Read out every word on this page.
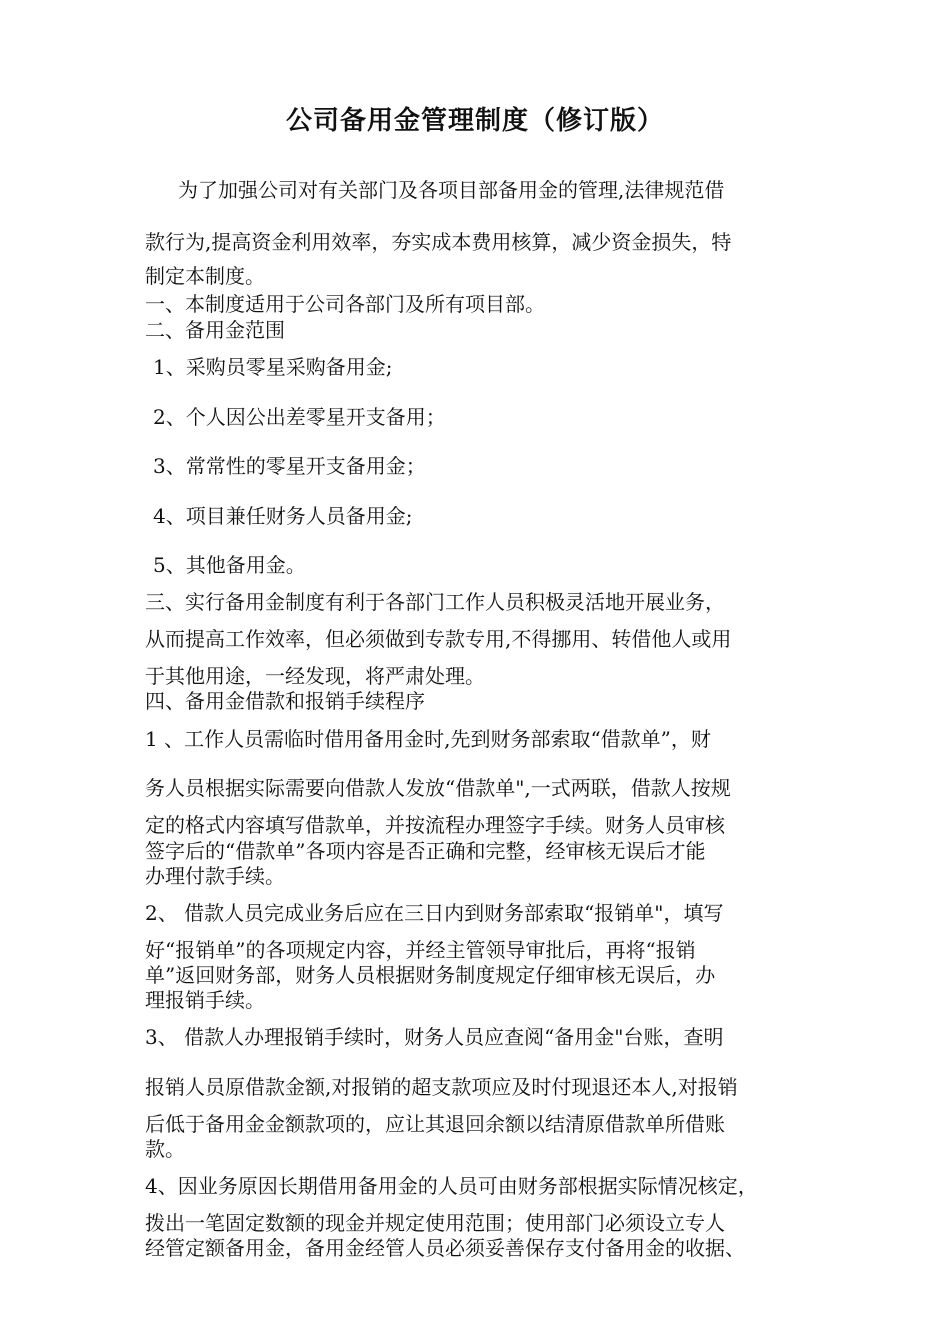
公司备用金管理制度（修订版）
为了加强公司对有关部门及各项目部备用金的管理,法律规范借
款行为,提高资金利用效率，夯实成本费用核算，减少资金损失，特
制定本制度。
一、本制度适用于公司各部门及所有项目部。
二、备用金范围
1、采购员零星采购备用金;
2、个人因公出差零星开支备用；
3、常常性的零星开支备用金；
4、项目兼任财务人员备用金;
5、其他备用金。
三、实行备用金制度有利于各部门工作人员积极灵活地开展业务，
从而提高工作效率，但必须做到专款专用,不得挪用、转借他人或用
于其他用途，一经发现，将严肃处理。
四、备用金借款和报销手续程序
1 、工作人员需临时借用备用金时,先到财务部索取“借款单”，财
务人员根据实际需要向借款人发放“借款单",一式两联，借款人按规
定的格式内容填写借款单，并按流程办理签字手续。财务人员审核
签字后的“借款单”各项内容是否正确和完整，经审核无误后才能
办理付款手续。
2、 借款人员完成业务后应在三日内到财务部索取“报销单"，填写
好“报销单”的各项规定内容，并经主管领导审批后，再将“报销
单”返回财务部，财务人员根据财务制度规定仔细审核无误后，办
理报销手续。
3、 借款人办理报销手续时，财务人员应查阅“备用金"台账，查明
报销人员原借款金额,对报销的超支款项应及时付现退还本人,对报销
后低于备用金金额款项的，应让其退回余额以结清原借款单所借账
款。
4、因业务原因长期借用备用金的人员可由财务部根据实际情况核定，
拨出一笔固定数额的现金并规定使用范围；使用部门必须设立专人
经管定额备用金，备用金经管人员必须妥善保存支付备用金的收据、
